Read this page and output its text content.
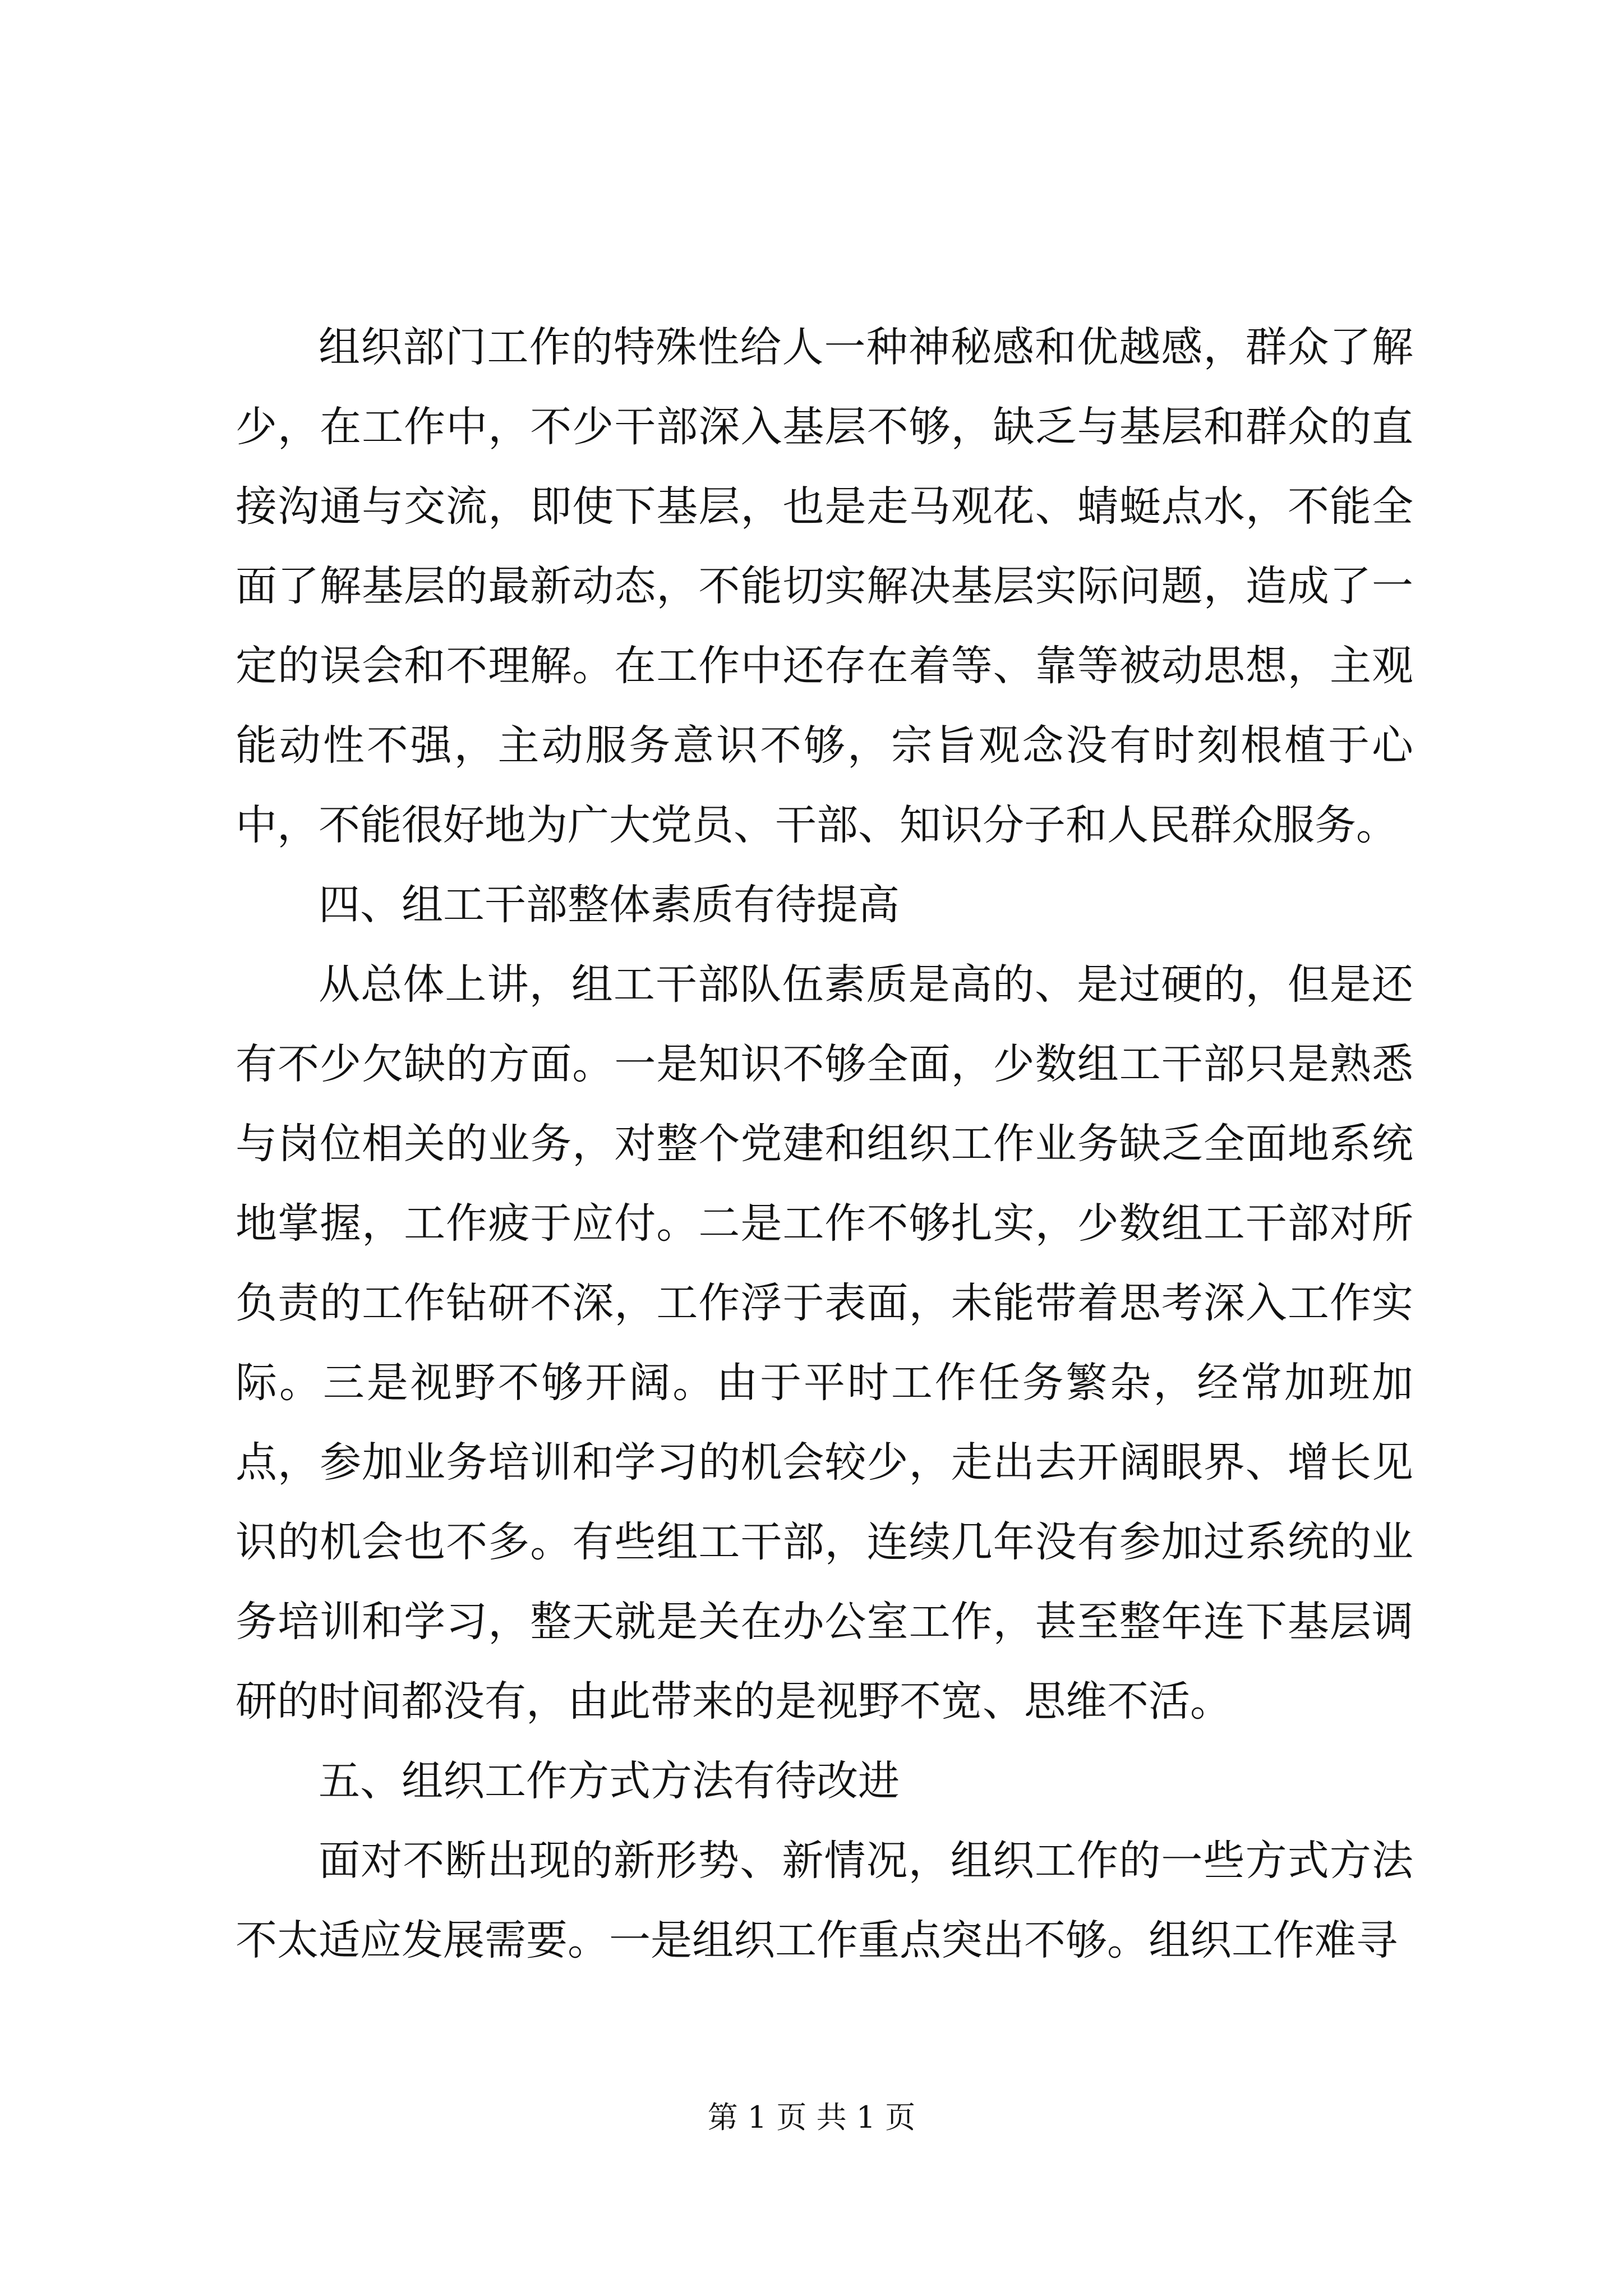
组织部门工作的特殊性给人一种神秘感和优越感，群众了解少，在工作中，不少干部深入基层不够，缺乏与基层和群众的直接沟通与交流，即使下基层，也是走马观花、蜻蜓点水，不能全面了解基层的最新动态，不能切实解决基层实际问题，造成了一定的误会和不理解。在工作中还存在着等、靠等被动思想，主观能动性不强，主动服务意识不够，宗旨观念没有时刻根植于心中，不能很好地为广大党员、干部、知识分子和人民群众服务。

四、组工干部整体素质有待提高

从总体上讲，组工干部队伍素质是高的、是过硬的，但是还有不少欠缺的方面。一是知识不够全面，少数组工干部只是熟悉与岗位相关的业务，对整个党建和组织工作业务缺乏全面地系统地掌握，工作疲于应付。二是工作不够扎实，少数组工干部对所负责的工作钻研不深，工作浮于表面，未能带着思考深入工作实际。三是视野不够开阔。由于平时工作任务繁杂，经常加班加点，参加业务培训和学习的机会较少，走出去开阔眼界、增长见识的机会也不多。有些组工干部，连续几年没有参加过系统的业务培训和学习，整天就是关在办公室工作，甚至整年连下基层调研的时间都没有，由此带来的是视野不宽、思维不活。

五、组织工作方式方法有待改进

面对不断出现的新形势、新情况，组织工作的一些方式方法不太适应发展需要。一是组织工作重点突出不够。组织工作难寻

第 1 页 共 1 页
